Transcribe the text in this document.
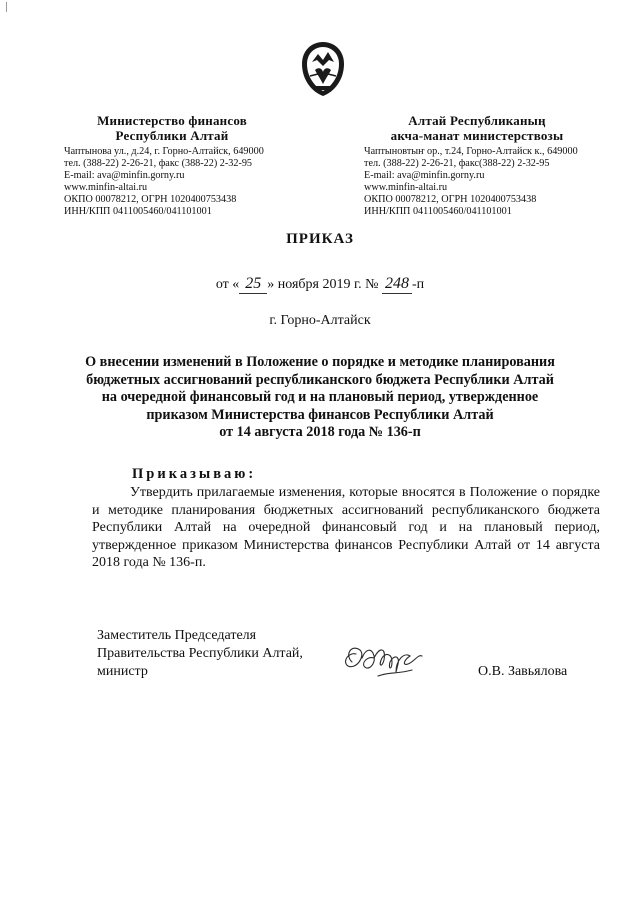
Министерство финансов
Республики Алтай
Алтай Республиканың
акча-манат министерствозы
Чаптынова ул., д.24, г. Горно-Алтайск, 649000
тел. (388-22) 2-26-21, факс (388-22) 2-32-95
E-mail: ava@minfin.gorny.ru
www.minfin-altai.ru
ОКПО 00078212, ОГРН 1020400753438
ИНН/КПП 0411005460/041101001
Чаптыновтыҥ ор., т.24, Горно-Алтайск к., 649000
тел. (388-22) 2-26-21, факс(388-22) 2-32-95
E-mail: ava@minfin.gorny.ru
www.minfin-altai.ru
ОКПО 00078212, ОГРН 1020400753438
ИНН/КПП 0411005460/041101001
ПРИКАЗ
от « 25 » ноября 2019 г. № 248 -п
г. Горно-Алтайск
О внесении изменений в Положение о порядке и методике планирования
бюджетных ассигнований республиканского бюджета Республики Алтай
на очередной финансовый год и на плановый период, утвержденное
приказом Министерства финансов Республики Алтай
от 14 августа 2018 года № 136-п
Приказываю:
Утвердить прилагаемые изменения, которые вносятся в Положение о порядке и методике планирования бюджетных ассигнований республиканского бюджета Республики Алтай на очередной финансовый год и на плановый период, утвержденное приказом Министерства финансов Республики Алтай от 14 августа 2018 года № 136-п.
Заместитель Председателя
Правительства Республики Алтай,
министр	О.В. Завьялова
